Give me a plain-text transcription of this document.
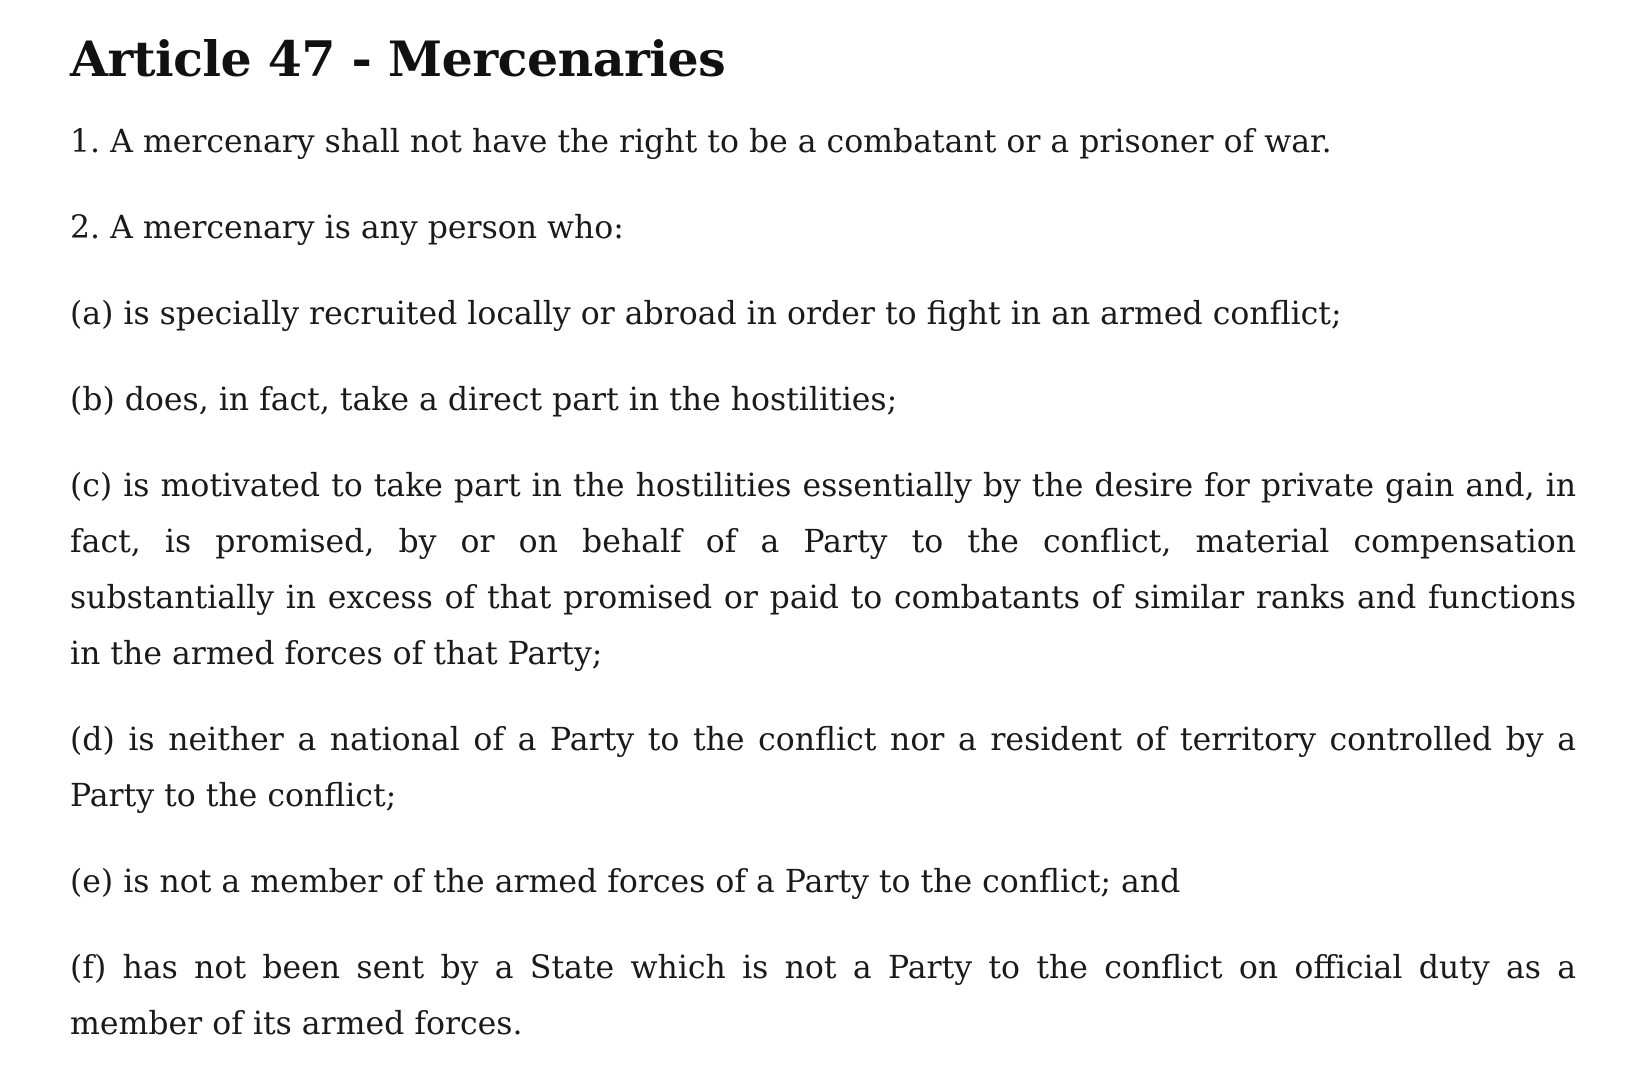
Article 47 - Mercenaries

1. A mercenary shall not have the right to be a combatant or a prisoner of war.

2. A mercenary is any person who:

(a) is specially recruited locally or abroad in order to fight in an armed conflict;

(b) does, in fact, take a direct part in the hostilities;

(c) is motivated to take part in the hostilities essentially by the desire for private gain and, in fact, is promised, by or on behalf of a Party to the conflict, material compensation substantially in excess of that promised or paid to combatants of similar ranks and functions in the armed forces of that Party;

(d) is neither a national of a Party to the conflict nor a resident of territory controlled by a Party to the conflict;

(e) is not a member of the armed forces of a Party to the conflict; and

(f) has not been sent by a State which is not a Party to the conflict on official duty as a member of its armed forces.
